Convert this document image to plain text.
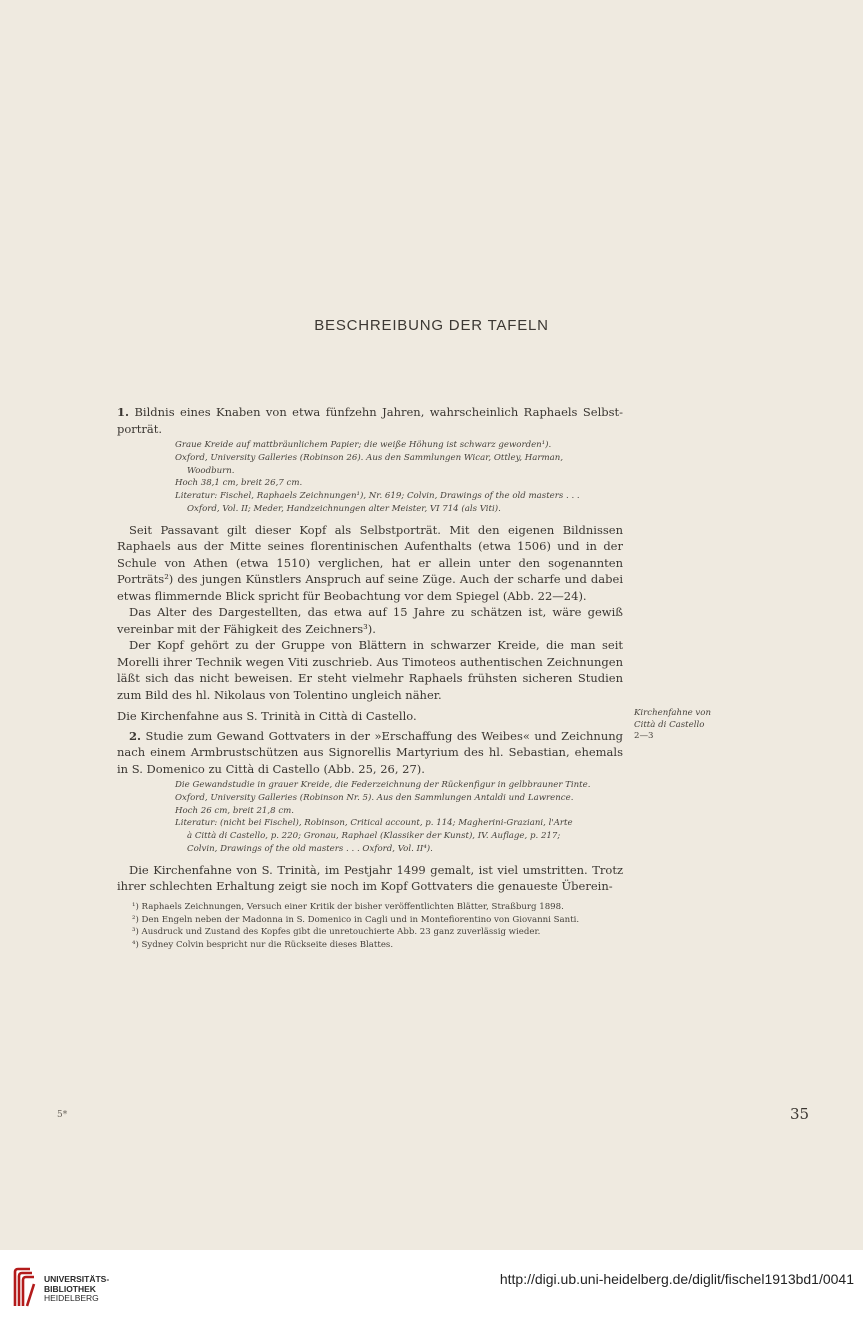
BESCHREIBUNG DER TAFELN

1. Bildnis eines Knaben von etwa fünfzehn Jahren, wahrscheinlich Raphaels Selbst-porträt.

Graue Kreide auf mattbräunlichem Papier; die weiße Höhung ist schwarz geworden¹).
Oxford, University Galleries (Robinson 26). Aus den Sammlungen Wicar, Ottley, Harman,
Woodburn.
Hoch 38,1 cm, breit 26,7 cm.
Literatur: Fischel, Raphaels Zeichnungen¹), Nr. 619; Colvin, Drawings of the old masters . . .
Oxford, Vol. II; Meder, Handzeichnungen alter Meister, VI 714 (als Viti).

Seit Passavant gilt dieser Kopf als Selbstporträt. Mit den eigenen Bildnissen Raphaels aus der Mitte seines florentinischen Aufenthalts (etwa 1506) und in der Schule von Athen (etwa 1510) verglichen, hat er allein unter den sogenannten Porträts²) des jungen Künstlers Anspruch auf seine Züge. Auch der scharfe und dabei etwas flimmernde Blick spricht für Beobachtung vor dem Spiegel (Abb. 22—24).

Das Alter des Dargestellten, das etwa auf 15 Jahre zu schätzen ist, wäre gewiß vereinbar mit der Fähigkeit des Zeichners³).

Der Kopf gehört zu der Gruppe von Blättern in schwarzer Kreide, die man seit Morelli ihrer Technik wegen Viti zuschrieb. Aus Timoteos authentischen Zeichnungen läßt sich das nicht beweisen. Er steht vielmehr Raphaels frühsten sicheren Studien zum Bild des hl. Nikolaus von Tolentino ungleich näher.

Die Kirchenfahne aus S. Trinità in Città di Castello.

2. Studie zum Gewand Gottvaters in der »Erschaffung des Weibes« und Zeichnung nach einem Armbrustschützen aus Signorellis Martyrium des hl. Sebastian, ehemals in S. Domenico zu Città di Castello (Abb. 25, 26, 27).

Die Gewandstudie in grauer Kreide, die Federzeichnung der Rückenfigur in gelbbrauner Tinte.
Oxford, University Galleries (Robinson Nr. 5). Aus den Sammlungen Antaldi und Lawrence.
Hoch 26 cm, breit 21,8 cm.
Literatur: (nicht bei Fischel), Robinson, Critical account, p. 114; Magherini-Graziani, l'Arte
à Città di Castello, p. 220; Gronau, Raphael (Klassiker der Kunst), IV. Auflage, p. 217;
Colvin, Drawings of the old masters . . . Oxford, Vol. II⁴).

Die Kirchenfahne von S. Trinità, im Pestjahr 1499 gemalt, ist viel umstritten. Trotz ihrer schlechten Erhaltung zeigt sie noch im Kopf Gottvaters die genaueste Überein-

Kirchenfahne von
Città di Castello
2—3

¹) Raphaels Zeichnungen, Versuch einer Kritik der bisher veröffentlichten Blätter, Straßburg 1898.

²) Den Engeln neben der Madonna in S. Domenico in Cagli und in Montefiorentino von Giovanni Santi.

³) Ausdruck und Zustand des Kopfes gibt die unretouchierte Abb. 23 ganz zuverlässig wieder.

⁴) Sydney Colvin bespricht nur die Rückseite dieses Blattes.

5*	35
UNIVERSITÄTS-
BIBLIOTHEK
HEIDELBERG
http://digi.ub.uni-heidelberg.de/diglit/fischel1913bd1/0041
